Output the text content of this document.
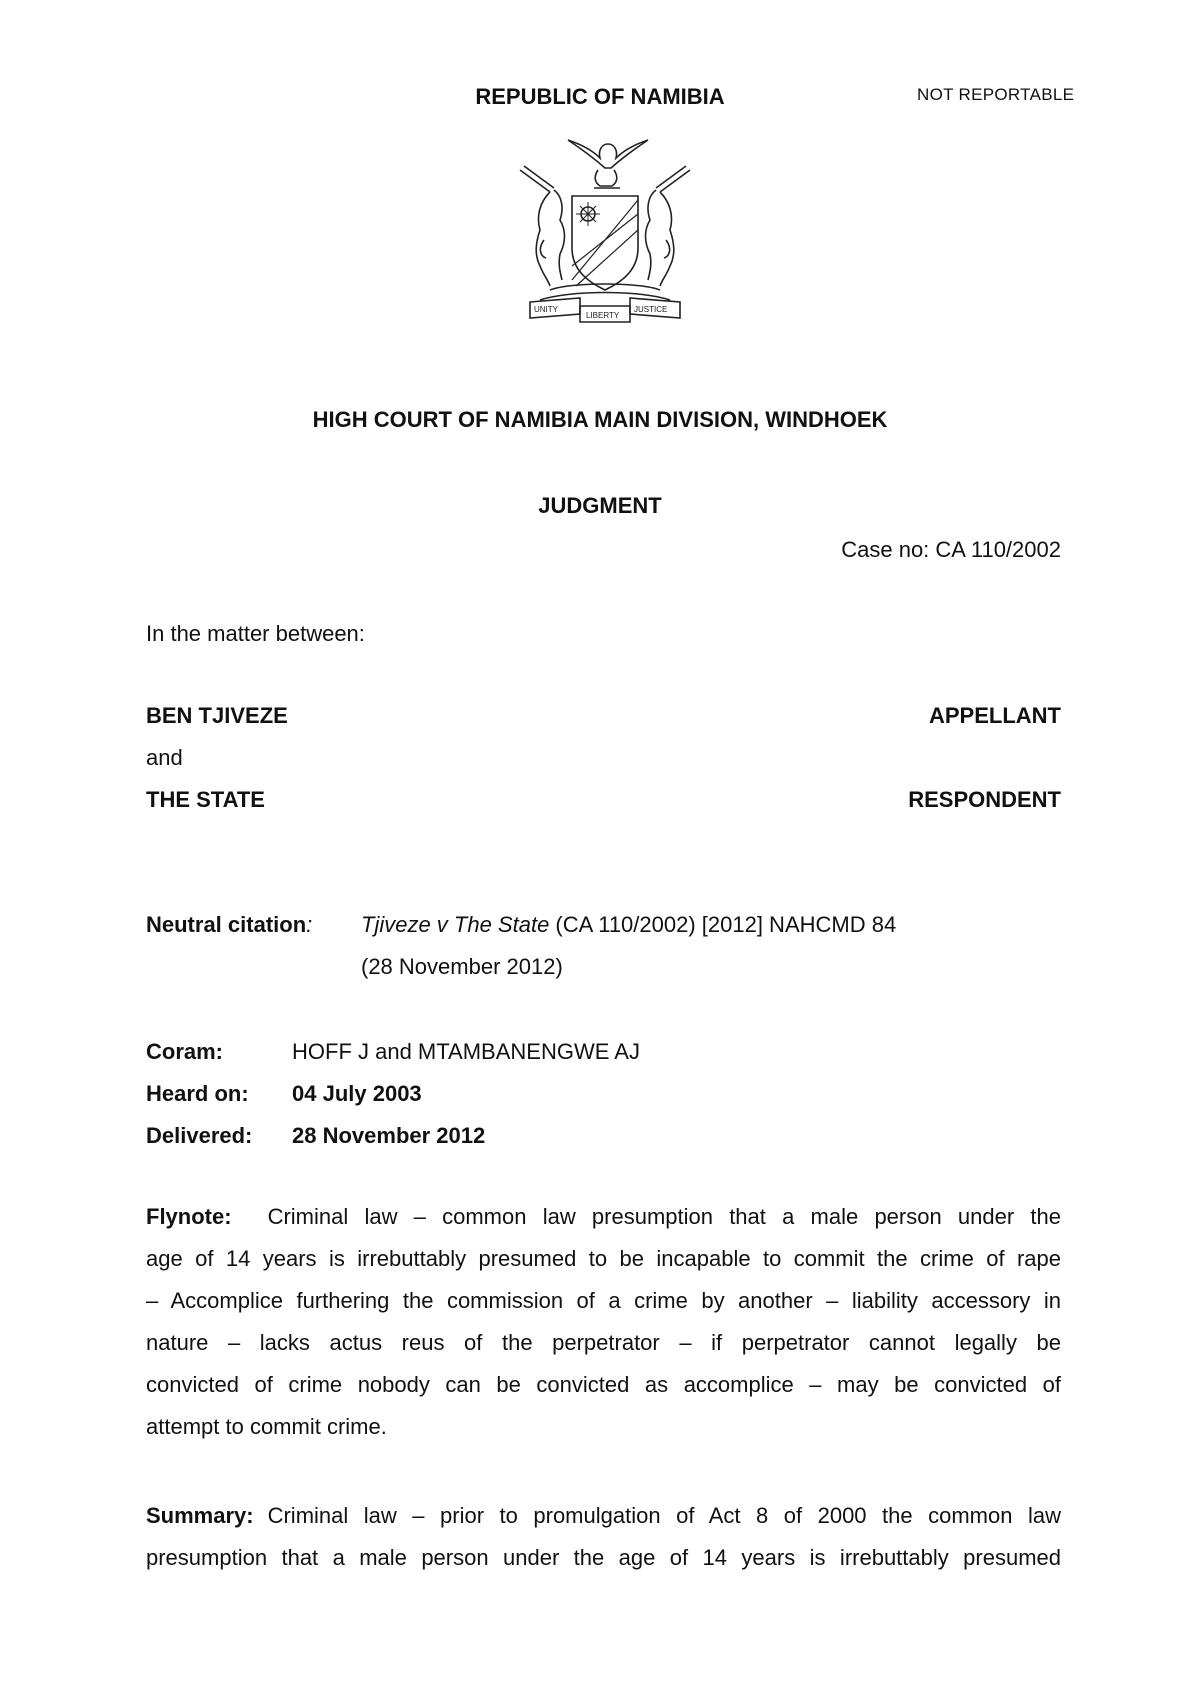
NOT REPORTABLE
REPUBLIC OF NAMIBIA
UNITY
LIBERTY
JUSTICE
HIGH COURT OF NAMIBIA MAIN DIVISION, WINDHOEK
JUDGMENT
Case no: CA 110/2002
In the matter between:
BEN TJIVEZE	APPELLANT
and
THE STATE	RESPONDENT
Neutral citation: Tjiveze v The State (CA 110/2002) [2012] NAHCMD 84
(28 November 2012)
Coram:	HOFF J and MTAMBANENGWE AJ
Heard on: 04 July 2003
Delivered: 28 November 2012
Flynote: Criminal law – common law presumption that a male person under the
age of 14 years is irrebuttably presumed to be incapable to commit the crime of rape
– Accomplice furthering the commission of a crime by another – liability accessory in
nature – lacks actus reus of the perpetrator – if perpetrator cannot legally be
convicted of crime nobody can be convicted as accomplice – may be convicted of
attempt to commit crime.
Summary: Criminal law – prior to promulgation of Act 8 of 2000 the common law
presumption that a male person under the age of 14 years is irrebuttably presumed
